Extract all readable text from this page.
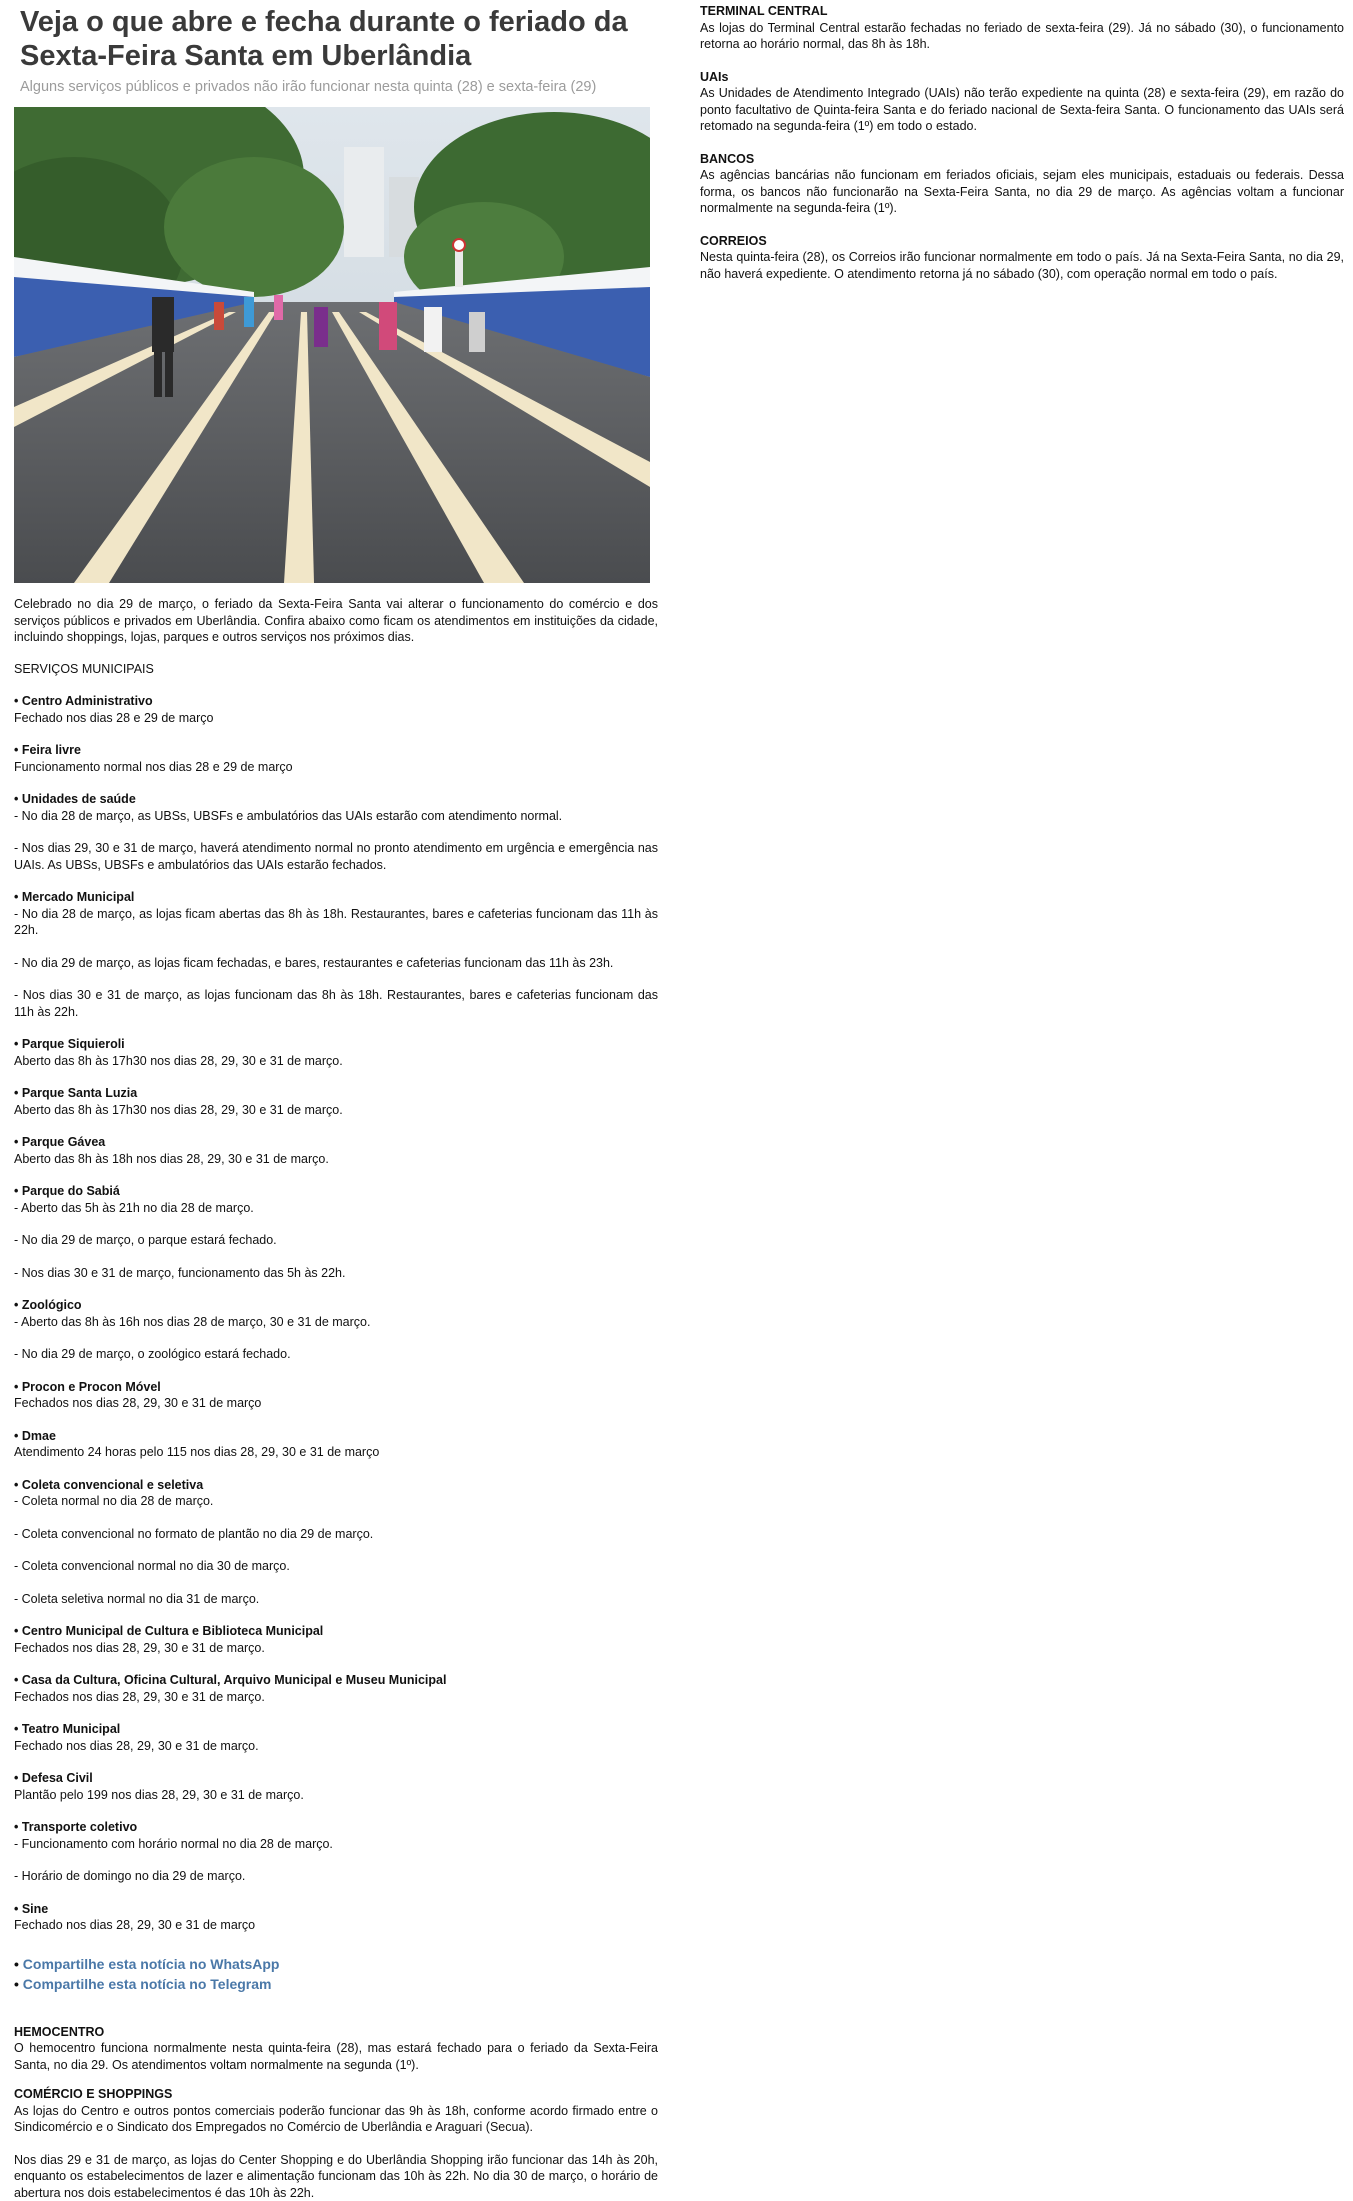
Veja o que abre e fecha durante o feriado da Sexta-Feira Santa em Uberlândia
Alguns serviços públicos e privados não irão funcionar nesta quinta (28) e sexta-feira (29)
Celebrado no dia 29 de março, o feriado da Sexta-Feira Santa vai alterar o funcionamento do comércio e dos serviços públicos e privados em Uberlândia. Confira abaixo como ficam os atendimentos em instituições da cidade, incluindo shoppings, lojas, parques e outros serviços nos próximos dias.
SERVIÇOS MUNICIPAIS
• Centro Administrativo
Fechado nos dias 28 e 29 de março
• Feira livre
Funcionamento normal nos dias 28 e 29 de março
• Unidades de saúde
- No dia 28 de março, as UBSs, UBSFs e ambulatórios das UAIs estarão com atendimento normal.
- Nos dias 29, 30 e 31 de março, haverá atendimento normal no pronto atendimento em urgência e emergência nas UAIs. As UBSs, UBSFs e ambulatórios das UAIs estarão fechados.
• Mercado Municipal
- No dia 28 de março, as lojas ficam abertas das 8h às 18h. Restaurantes, bares e cafeterias funcionam das 11h às 22h.
- No dia 29 de março, as lojas ficam fechadas, e bares, restaurantes e cafeterias funcionam das 11h às 23h.
- Nos dias 30 e 31 de março, as lojas funcionam das 8h às 18h. Restaurantes, bares e cafeterias funcionam das 11h às 22h.
• Parque Siquieroli
Aberto das 8h às 17h30 nos dias 28, 29, 30 e 31 de março.
• Parque Santa Luzia
Aberto das 8h às 17h30 nos dias 28, 29, 30 e 31 de março.
• Parque Gávea
Aberto das 8h às 18h nos dias 28, 29, 30 e 31 de março.
• Parque do Sabiá
- Aberto das 5h às 21h no dia 28 de março.
- No dia 29 de março, o parque estará fechado.
- Nos dias 30 e 31 de março, funcionamento das 5h às 22h.
• Zoológico
- Aberto das 8h às 16h nos dias 28 de março, 30 e 31 de março.
- No dia 29 de março, o zoológico estará fechado.
• Procon e Procon Móvel
Fechados nos dias 28, 29, 30 e 31 de março
• Dmae
Atendimento 24 horas pelo 115 nos dias 28, 29, 30 e 31 de março
• Coleta convencional e seletiva
- Coleta normal no dia 28 de março.
- Coleta convencional no formato de plantão no dia 29 de março.
- Coleta convencional normal no dia 30 de março.
- Coleta seletiva normal no dia 31 de março.
• Centro Municipal de Cultura e Biblioteca Municipal
Fechados nos dias 28, 29, 30 e 31 de março.
• Casa da Cultura, Oficina Cultural, Arquivo Municipal e Museu Municipal
Fechados nos dias 28, 29, 30 e 31 de março.
• Teatro Municipal
Fechado nos dias 28, 29, 30 e 31 de março.
• Defesa Civil
Plantão pelo 199 nos dias 28, 29, 30 e 31 de março.
• Transporte coletivo
- Funcionamento com horário normal no dia 28 de março.
- Horário de domingo no dia 29 de março.
• Sine
Fechado nos dias 28, 29, 30 e 31 de março
• Compartilhe esta notícia no WhatsApp
• Compartilhe esta notícia no Telegram
HEMOCENTRO
O hemocentro funciona normalmente nesta quinta-feira (28), mas estará fechado para o feriado da Sexta-Feira Santa, no dia 29. Os atendimentos voltam normalmente na segunda (1º).
COMÉRCIO E SHOPPINGS
As lojas do Centro e outros pontos comerciais poderão funcionar das 9h às 18h, conforme acordo firmado entre o Sindicomércio e o Sindicato dos Empregados no Comércio de Uberlândia e Araguari (Secua).
Nos dias 29 e 31 de março, as lojas do Center Shopping e do Uberlândia Shopping irão funcionar das 14h às 20h, enquanto os estabelecimentos de lazer e alimentação funcionam das 10h às 22h. No dia 30 de março, o horário de abertura nos dois estabelecimentos é das 10h às 22h.
TERMINAL CENTRAL
As lojas do Terminal Central estarão fechadas no feriado de sexta-feira (29). Já no sábado (30), o funcionamento retorna ao horário normal, das 8h às 18h.
UAIs
As Unidades de Atendimento Integrado (UAIs) não terão expediente na quinta (28) e sexta-feira (29), em razão do ponto facultativo de Quinta-feira Santa e do feriado nacional de Sexta-feira Santa. O funcionamento das UAIs será retomado na segunda-feira (1º) em todo o estado.
BANCOS
As agências bancárias não funcionam em feriados oficiais, sejam eles municipais, estaduais ou federais. Dessa forma, os bancos não funcionarão na Sexta-Feira Santa, no dia 29 de março. As agências voltam a funcionar normalmente na segunda-feira (1º).
CORREIOS
Nesta quinta-feira (28), os Correios irão funcionar normalmente em todo o país. Já na Sexta-Feira Santa, no dia 29, não haverá expediente. O atendimento retorna já no sábado (30), com operação normal em todo o país.
